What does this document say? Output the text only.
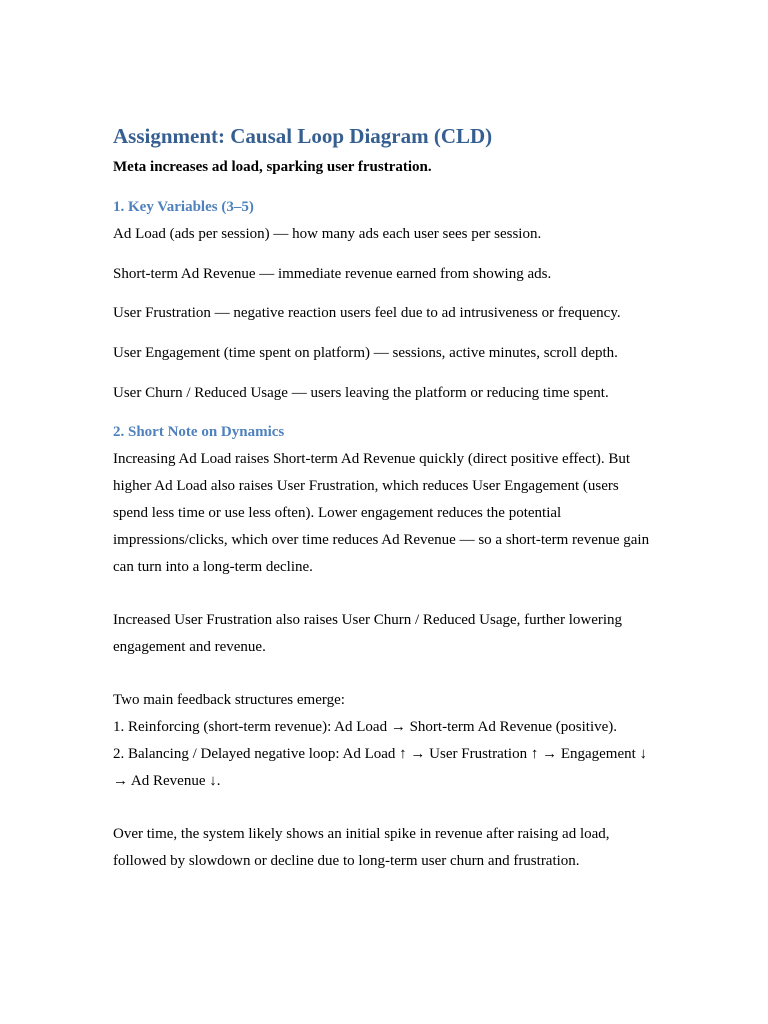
Assignment: Causal Loop Diagram (CLD)

Meta increases ad load, sparking user frustration.

1. Key Variables (3–5)

Ad Load (ads per session) — how many ads each user sees per session.

Short-term Ad Revenue — immediate revenue earned from showing ads.

User Frustration — negative reaction users feel due to ad intrusiveness or frequency.

User Engagement (time spent on platform) — sessions, active minutes, scroll depth.

User Churn / Reduced Usage — users leaving the platform or reducing time spent.

2. Short Note on Dynamics

Increasing Ad Load raises Short-term Ad Revenue quickly (direct positive effect). But

higher Ad Load also raises User Frustration, which reduces User Engagement (users

spend less time or use less often). Lower engagement reduces the potential

impressions/clicks, which over time reduces Ad Revenue — so a short-term revenue gain

can turn into a long-term decline.

Increased User Frustration also raises User Churn / Reduced Usage, further lowering

engagement and revenue.

Two main feedback structures emerge:

1. Reinforcing (short-term revenue): Ad Load → Short-term Ad Revenue (positive).

2. Balancing / Delayed negative loop: Ad Load ↑ → User Frustration ↑ → Engagement ↓

→ Ad Revenue ↓.

Over time, the system likely shows an initial spike in revenue after raising ad load,

followed by slowdown or decline due to long-term user churn and frustration.
